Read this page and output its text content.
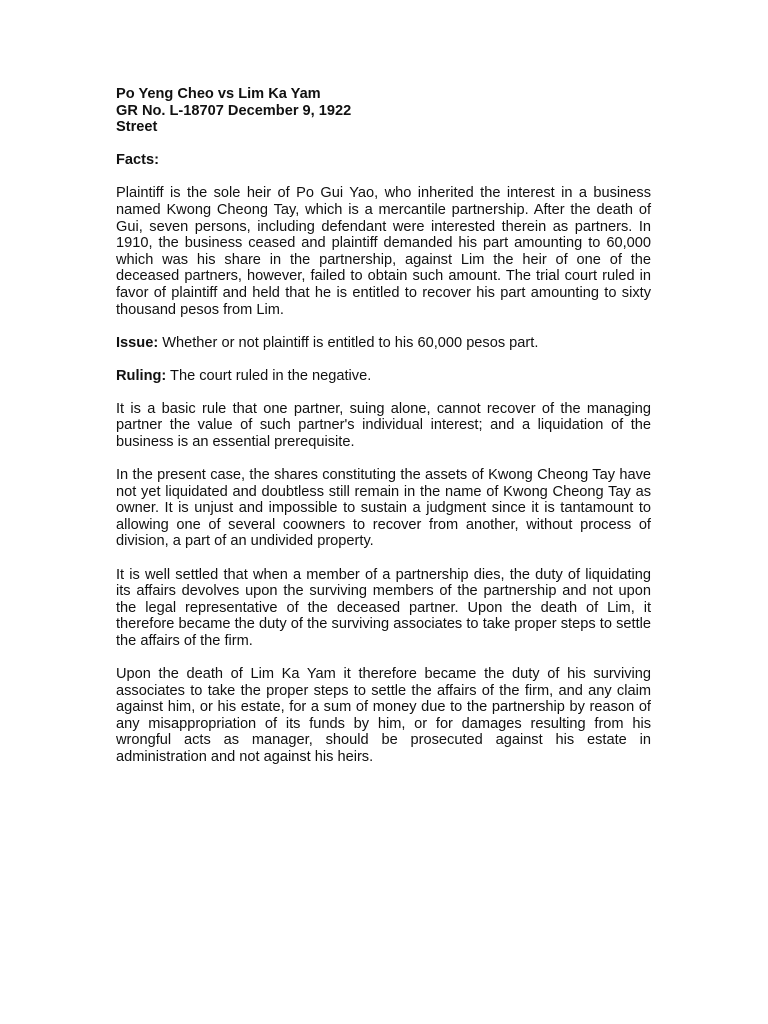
Po Yeng Cheo vs Lim Ka Yam
GR No. L-18707 December 9, 1922
Street
Facts:

Plaintiff is the sole heir of Po Gui Yao, who inherited the interest in a business named Kwong Cheong Tay, which is a mercantile partnership. After the death of Gui, seven persons, including defendant were interested therein as partners. In 1910, the business ceased and plaintiff demanded his part amounting to 60,000 which was his share in the partnership, against Lim the heir of one of the deceased partners, however, failed to obtain such amount. The trial court ruled in favor of plaintiff and held that he is entitled to recover his part amounting to sixty thousand pesos from Lim.

Issue: Whether or not plaintiff is entitled to his 60,000 pesos part.

Ruling: The court ruled in the negative.

It is a basic rule that one partner, suing alone, cannot recover of the managing partner the value of such partner's individual interest; and a liquidation of the business is an essential prerequisite.

In the present case, the shares constituting the assets of Kwong Cheong Tay have not yet liquidated and doubtless still remain in the name of Kwong Cheong Tay as owner. It is unjust and impossible to sustain a judgment since it is tantamount to allowing one of several coowners to recover from another, without process of division, a part of an undivided property.

It is well settled that when a member of a partnership dies, the duty of liquidating its affairs devolves upon the surviving members of the partnership and not upon the legal representative of the deceased partner. Upon the death of Lim, it therefore became the duty of the surviving associates to take proper steps to settle the affairs of the firm.

Upon the death of Lim Ka Yam it therefore became the duty of his surviving associates to take the proper steps to settle the affairs of the firm, and any claim against him, or his estate, for a sum of money due to the partnership by reason of any misappropriation of its funds by him, or for damages resulting from his wrongful acts as manager, should be prosecuted against his estate in administration and not against his heirs.
